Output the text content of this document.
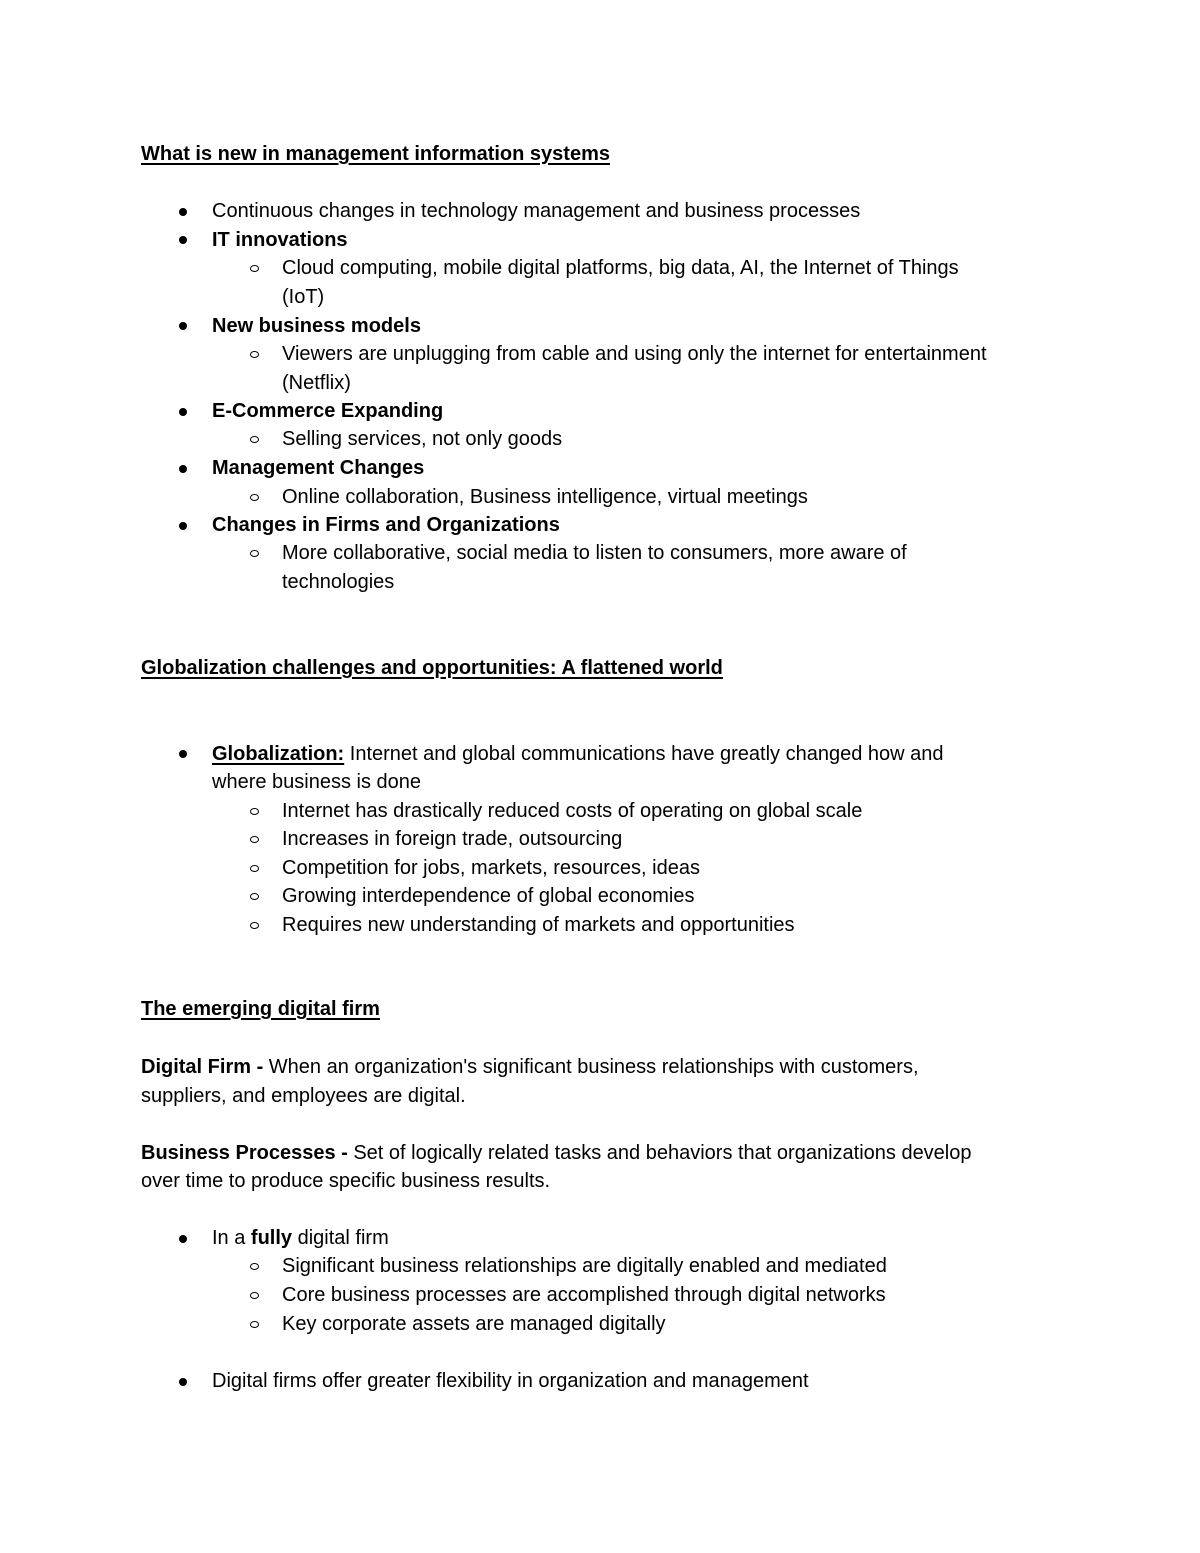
What is new in management information systems
Continuous changes in technology management and business processes
IT innovations
Cloud computing, mobile digital platforms, big data, AI, the Internet of Things
(IoT)
New business models
Viewers are unplugging from cable and using only the internet for entertainment
(Netflix)
E-Commerce Expanding
Selling services, not only goods
Management Changes
Online collaboration, Business intelligence, virtual meetings
Changes in Firms and Organizations
More collaborative, social media to listen to consumers, more aware of
technologies
Globalization challenges and opportunities: A flattened world
Globalization: Internet and global communications have greatly changed how and
where business is done
Internet has drastically reduced costs of operating on global scale
Increases in foreign trade, outsourcing
Competition for jobs, markets, resources, ideas
Growing interdependence of global economies
Requires new understanding of markets and opportunities
The emerging digital firm
Digital Firm - When an organization's significant business relationships with customers,
suppliers, and employees are digital.
Business Processes - Set of logically related tasks and behaviors that organizations develop
over time to produce specific business results.
In a fully digital firm
Significant business relationships are digitally enabled and mediated
Core business processes are accomplished through digital networks
Key corporate assets are managed digitally
Digital firms offer greater flexibility in organization and management
